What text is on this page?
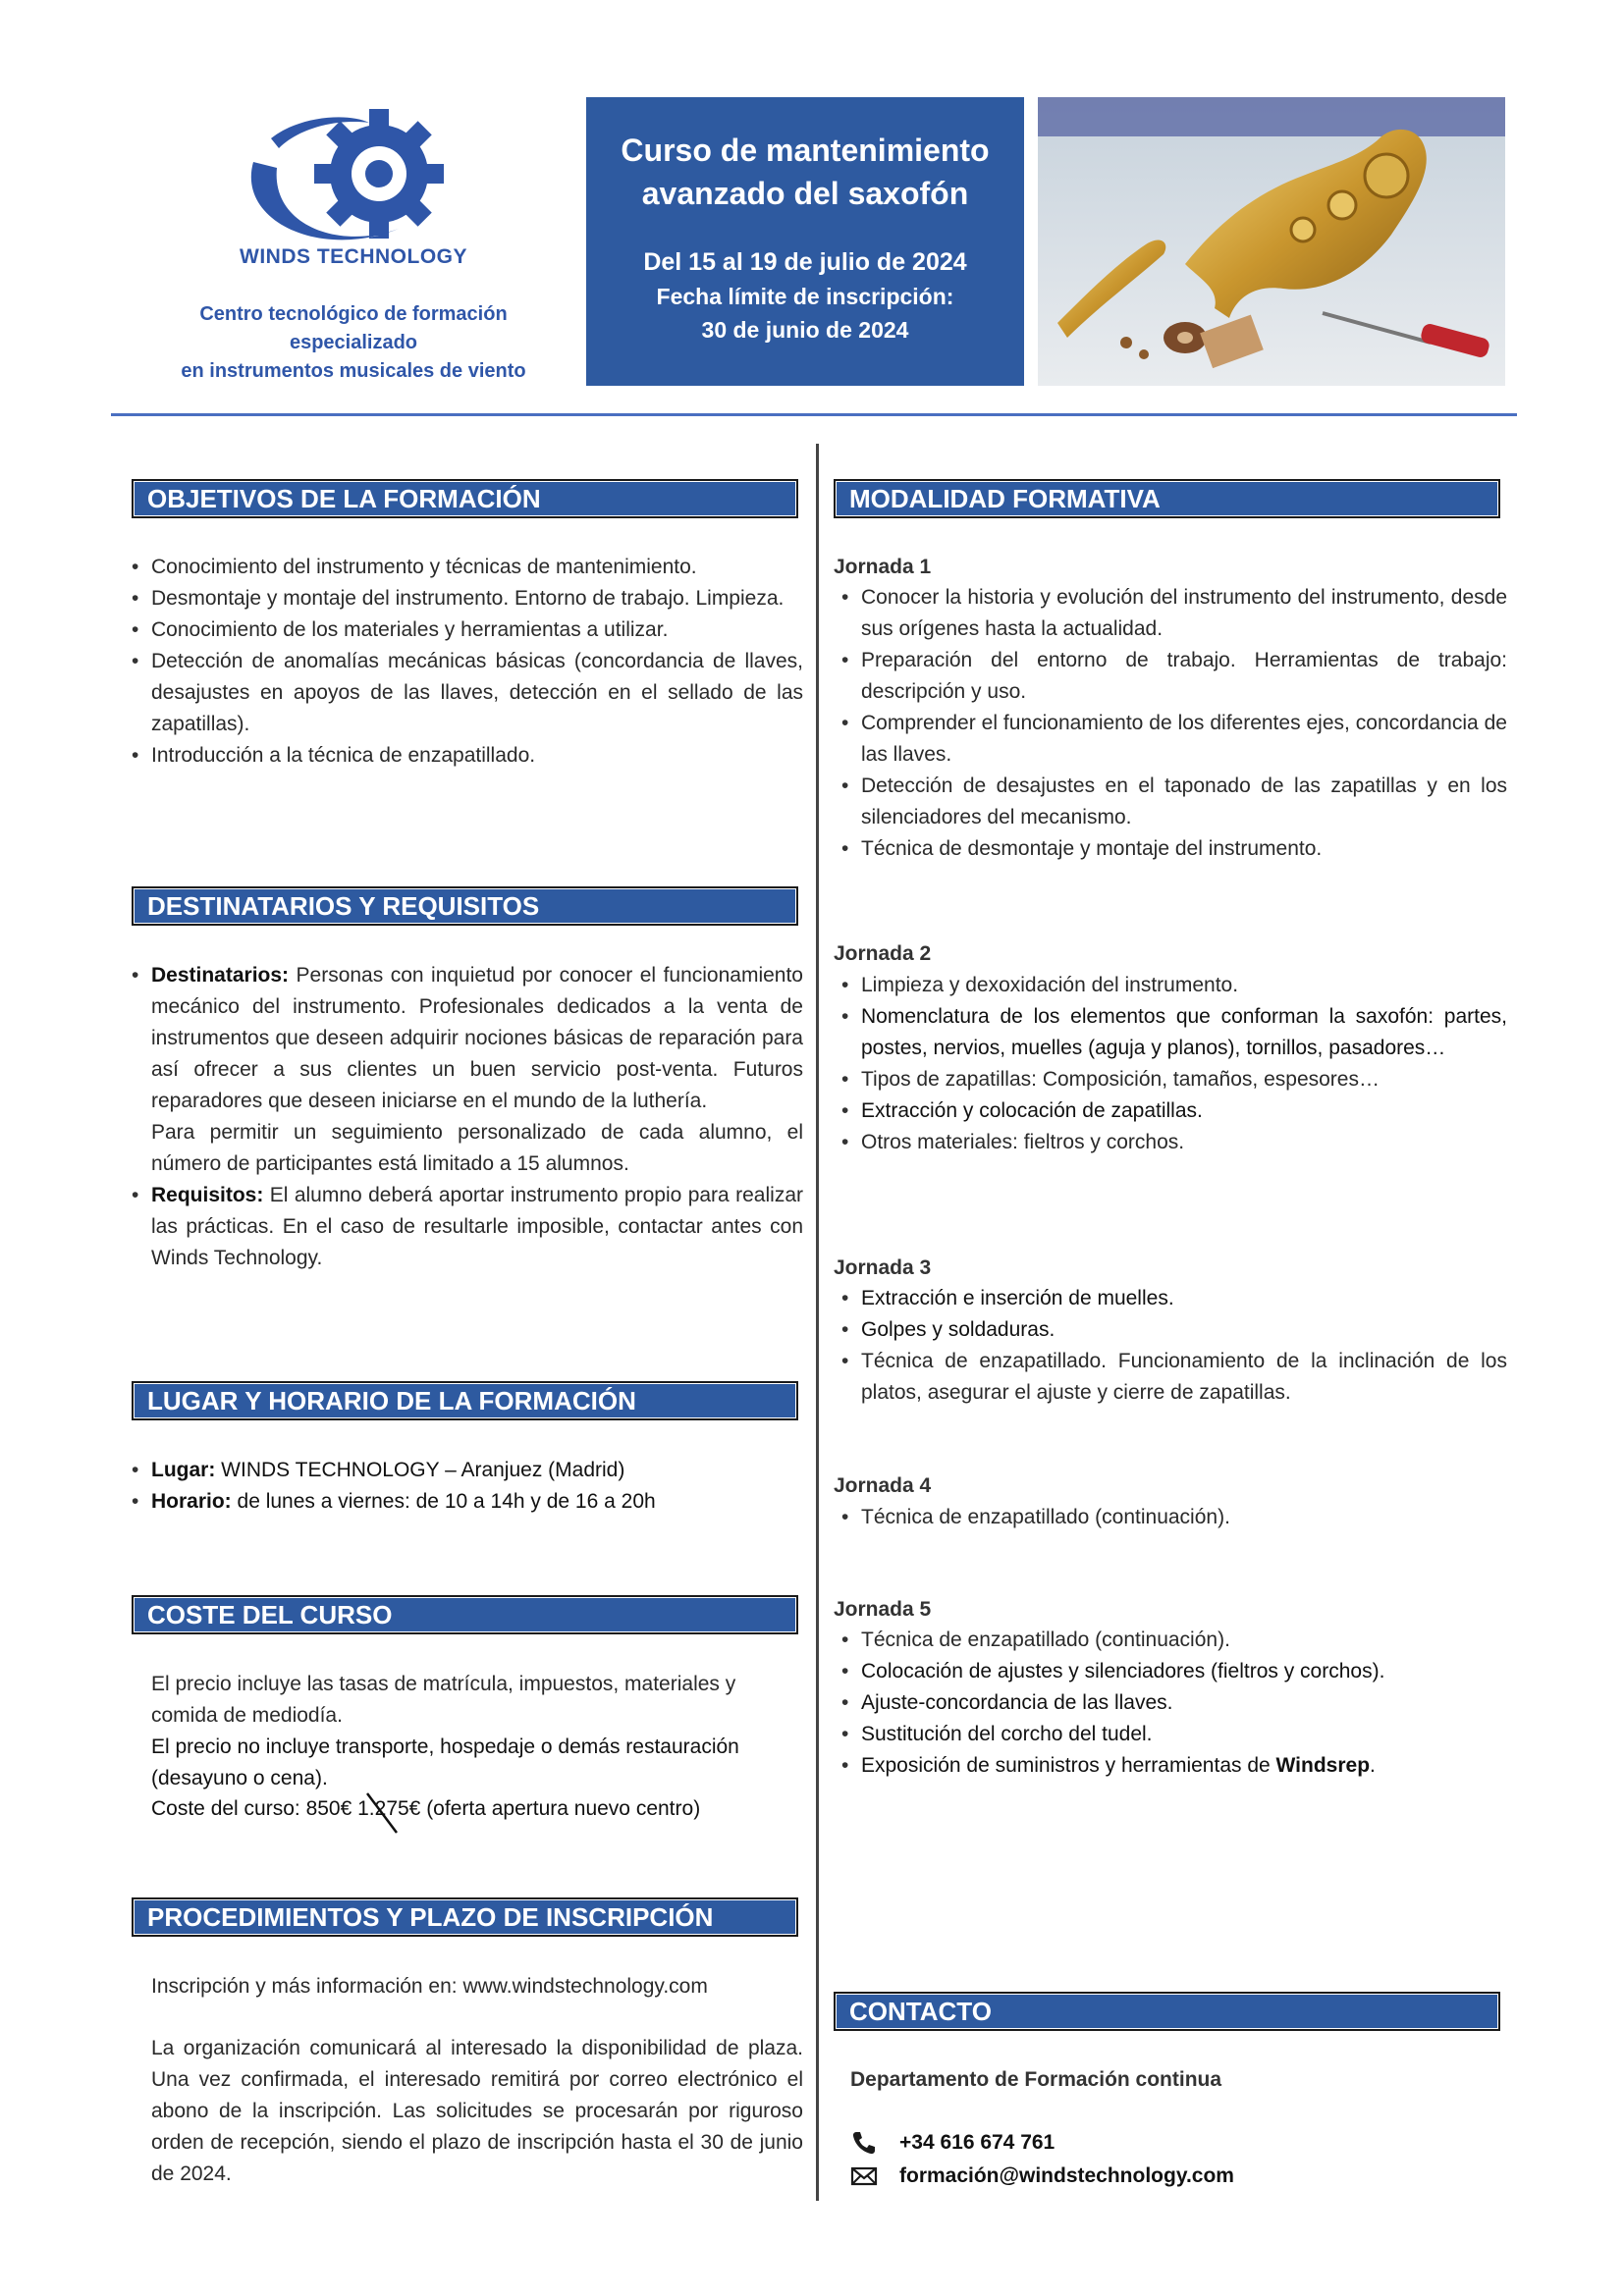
WINDS TECHNOLOGY
Centro tecnológico de formación
especializado
en instrumentos musicales de viento
Curso de mantenimiento
avanzado del saxofón
Del 15 al 19 de julio de 2024
Fecha límite de inscripción:
30 de junio de 2024
OBJETIVOS DE LA FORMACIÓN
• Conocimiento del instrumento y técnicas de mantenimiento.
• Desmontaje y montaje del instrumento. Entorno de trabajo. Limpieza.
• Conocimiento de los materiales y herramientas a utilizar.
• Detección de anomalías mecánicas básicas (concordancia de llaves, desajustes en apoyos de las llaves, detección en el sellado de las zapatillas).
• Introducción a la técnica de enzapatillado.
DESTINATARIOS Y REQUISITOS
• Destinatarios: Personas con inquietud por conocer el funcionamiento mecánico del instrumento. Profesionales dedicados a la venta de instrumentos que deseen adquirir nociones básicas de reparación para así ofrecer a sus clientes un buen servicio post-venta. Futuros reparadores que deseen iniciarse en el mundo de la luthería.
Para permitir un seguimiento personalizado de cada alumno, el número de participantes está limitado a 15 alumnos.
• Requisitos: El alumno deberá aportar instrumento propio para realizar las prácticas. En el caso de resultarle imposible, contactar antes con Winds Technology.
LUGAR Y HORARIO DE LA FORMACIÓN
• Lugar: WINDS TECHNOLOGY – Aranjuez (Madrid)
• Horario: de lunes a viernes: de 10 a 14h y de 16 a 20h
COSTE DEL CURSO
El precio incluye las tasas de matrícula, impuestos, materiales y comida de mediodía.
El precio no incluye transporte, hospedaje o demás restauración (desayuno o cena).
Coste del curso: 850€ 1.275€
(oferta apertura nuevo centro)
PROCEDIMIENTOS Y PLAZO DE INSCRIPCIÓN
Inscripción y más información en: www.windstechnology.com
La organización comunicará al interesado la disponibilidad de plaza. Una vez confirmada, el interesado remitirá por correo electrónico el abono de la inscripción. Las solicitudes se procesarán por riguroso orden de recepción, siendo el plazo de inscripción hasta el 30 de junio de 2024.
MODALIDAD FORMATIVA
Jornada 1
• Conocer la historia y evolución del instrumento del instrumento, desde sus orígenes hasta la actualidad.
• Preparación del entorno de trabajo. Herramientas de trabajo: descripción y uso.
• Comprender el funcionamiento de los diferentes ejes, concordancia de las llaves.
• Detección de desajustes en el taponado de las zapatillas y en los silenciadores del mecanismo.
• Técnica de desmontaje y montaje del instrumento.
Jornada 2
• Limpieza y dexoxidación del instrumento.
• Nomenclatura de los elementos que conforman la saxofón: partes, postes, nervios, muelles (aguja y planos), tornillos, pasadores…
• Tipos de zapatillas: Composición, tamaños, espesores…
• Extracción y colocación de zapatillas.
• Otros materiales: fieltros y corchos.
Jornada 3
• Extracción e inserción de muelles.
• Golpes y soldaduras.
• Técnica de enzapatillado. Funcionamiento de la inclinación de los platos, asegurar el ajuste y cierre de zapatillas.
Jornada 4
• Técnica de enzapatillado (continuación).
Jornada 5
• Técnica de enzapatillado (continuación).
• Colocación de ajustes y silenciadores (fieltros y corchos).
• Ajuste-concordancia de las llaves.
• Sustitución del corcho del tudel.
• Exposición de suministros y herramientas de Windsrep.
CONTACTO
Departamento de Formación continua
+34 616 674 761
formación@windstechnology.com
